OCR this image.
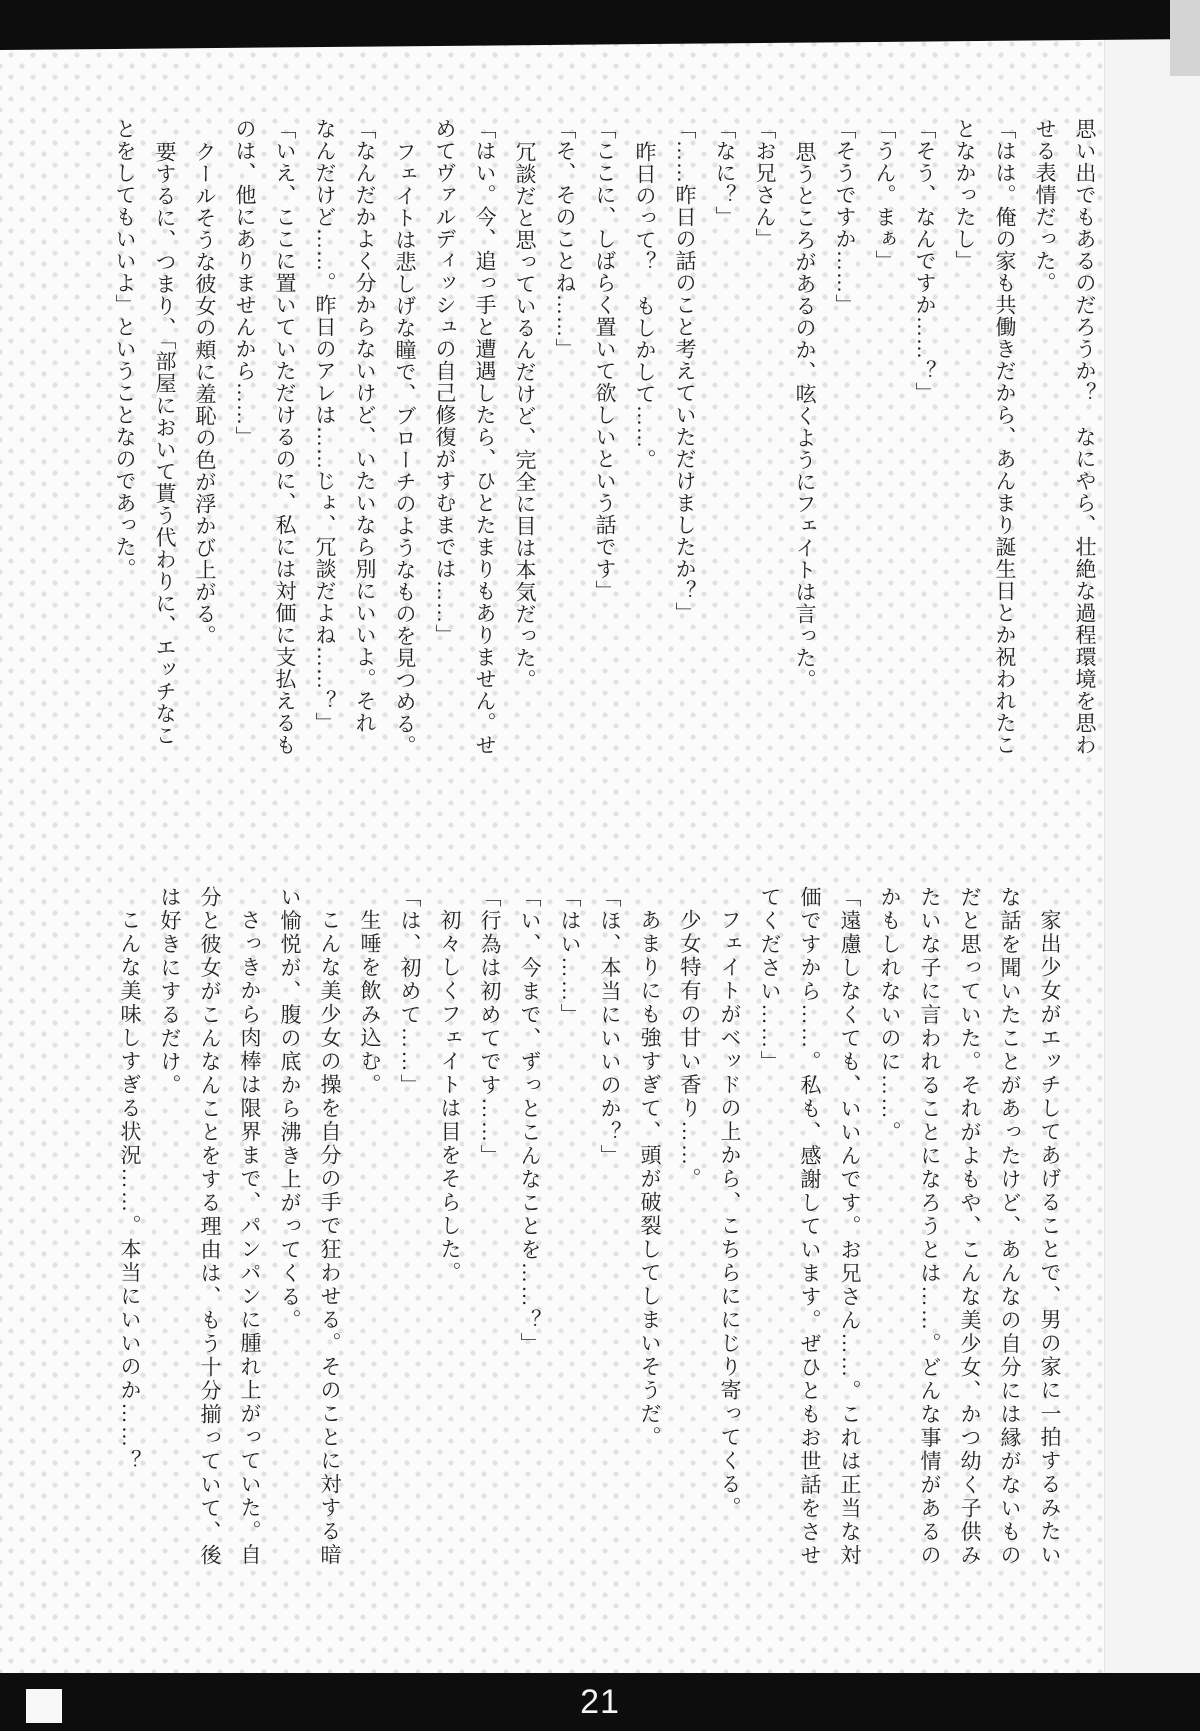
思い出でもあるのだろうか？　なにやら、壮絶な過程環境を思わ
せる表情だった。
「はは。俺の家も共働きだから、あんまり誕生日とか祝われたこ
となかったし」
「そう、なんですか……？」
「うん。まぁ」
「そうですか……」
思うところがあるのか、呟くようにフェイトは言った。
「お兄さん」
「なに？」
「……昨日の話のこと考えていただけましたか？」
昨日のって？　もしかして……。
「ここに、しばらく置いて欲しいという話です」
「そ、そのことね……」
冗談だと思っているんだけど、完全に目は本気だった。
「はい。今、追っ手と遭遇したら、ひとたまりもありません。せ
めてヴァルディッシュの自己修復がすむまでは……」
フェイトは悲しげな瞳で、ブローチのようなものを見つめる。
「なんだかよく分からないけど、いたいなら別にいいよ。それ
なんだけど……。昨日のアレは……じょ、冗談だよね……？」
「いえ、ここに置いていただけるのに、私には対価に支払えるも
のは、他にありませんから……」
クールそうな彼女の頬に羞恥の色が浮かび上がる。
要するに、つまり、「部屋において貰う代わりに、エッチなこ
とをしてもいいよ」ということなのであった。
家出少女がエッチしてあげることで、男の家に一拍するみたい
な話を聞いたことがあったけど、あんなの自分には縁がないもの
だと思っていた。それがよもや、こんな美少女、かつ幼く子供み
たいな子に言われることになろうとは……。どんな事情があるの
かもしれないのに……。
「遠慮しなくても、いいんです。お兄さん……。これは正当な対
価ですから……。私も、感謝しています。ぜひともお世話をさせ
てください……」
フェイトがベッドの上から、こちらににじり寄ってくる。
少女特有の甘い香り……。
あまりにも強すぎて、頭が破裂してしまいそうだ。
「ほ、本当にいいのか？」
「はい……」
「い、今まで、ずっとこんなことを……？」
「行為は初めてです……」
初々しくフェイトは目をそらした。
「は、初めて……」
生唾を飲み込む。
こんな美少女の操を自分の手で狂わせる。そのことに対する暗
い愉悦が、腹の底から沸き上がってくる。
さっきから肉棒は限界まで、パンパンに腫れ上がっていた。自
分と彼女がこんなんことをする理由は、もう十分揃っていて、後
は好きにするだけ。
こんな美味しすぎる状況……。本当にいいのか……？
21
